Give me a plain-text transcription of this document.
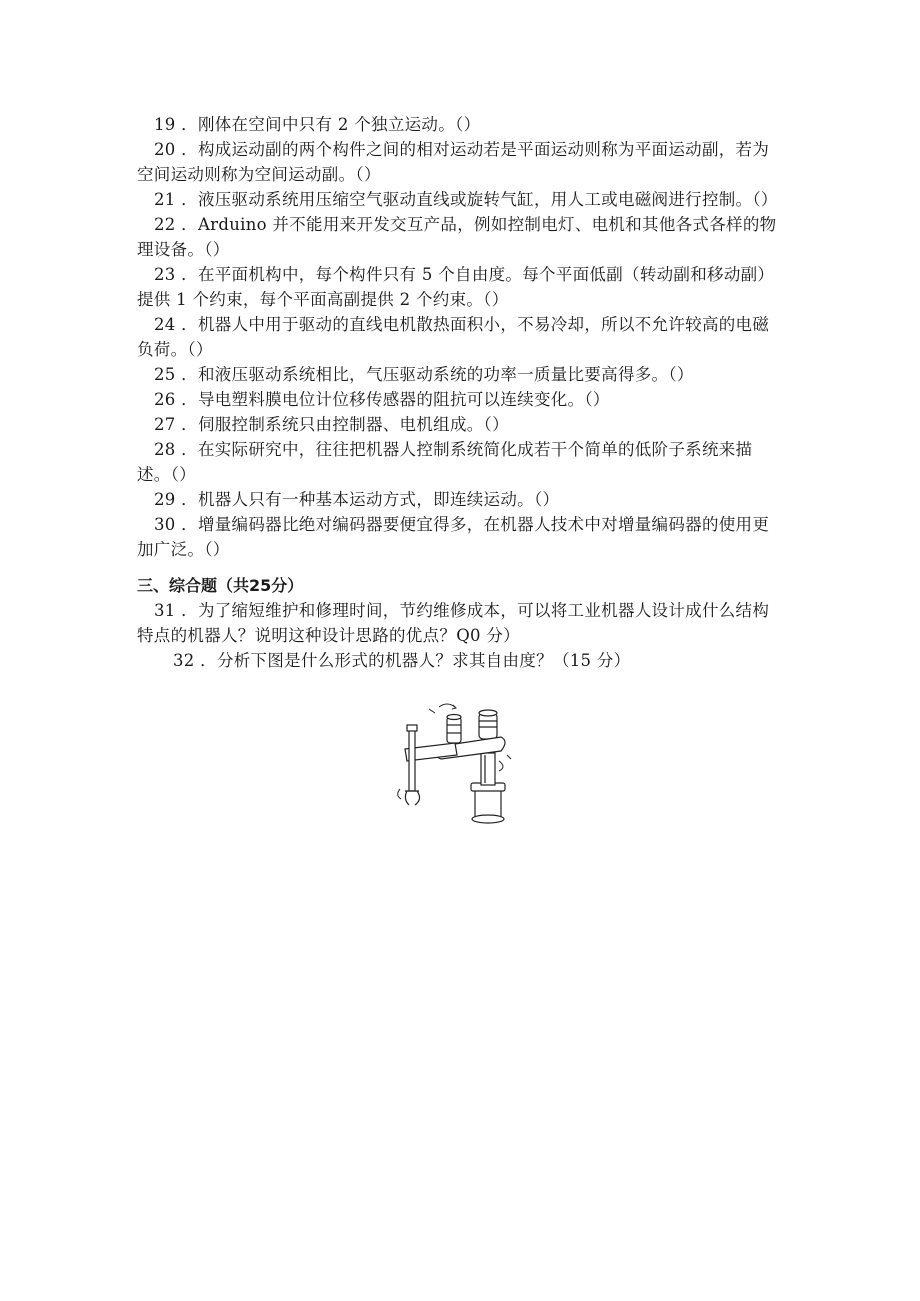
19 ．刚体在空间中只有 2 个独立运动。（）

20 ．构成运动副的两个构件之间的相对运动若是平面运动则称为平面运动副，若为空间运动则称为空间运动副。（）

21 ．液压驱动系统用压缩空气驱动直线或旋转气缸，用人工或电磁阀进行控制。（）

22 ．Arduino 并不能用来开发交互产品，例如控制电灯、电机和其他各式各样的物理设备。（）

23 ．在平面机构中，每个构件只有 5 个自由度。每个平面低副（转动副和移动副）提供 1 个约束，每个平面高副提供 2 个约束。（）

24 ．机器人中用于驱动的直线电机散热面积小，不易冷却，所以不允许较高的电磁负荷。（）

25 ．和液压驱动系统相比，气压驱动系统的功率一质量比要高得多。（）

26 ．导电塑料膜电位计位移传感器的阻抗可以连续变化。（）

27 ．伺服控制系统只由控制器、电机组成。（）

28 ．在实际研究中，往往把机器人控制系统简化成若干个简单的低阶子系统来描述。（）

29 ．机器人只有一种基本运动方式，即连续运动。（）

30 ．增量编码器比绝对编码器要便宜得多，在机器人技术中对增量编码器的使用更加广泛。（）

三、综合题（共25分）

31 ．为了缩短维护和修理时间，节约维修成本，可以将工业机器人设计成什么结构特点的机器人？说明这种设计思路的优点？Q0 分）

32 ．分析下图是什么形式的机器人？求其自由度？（15 分）
